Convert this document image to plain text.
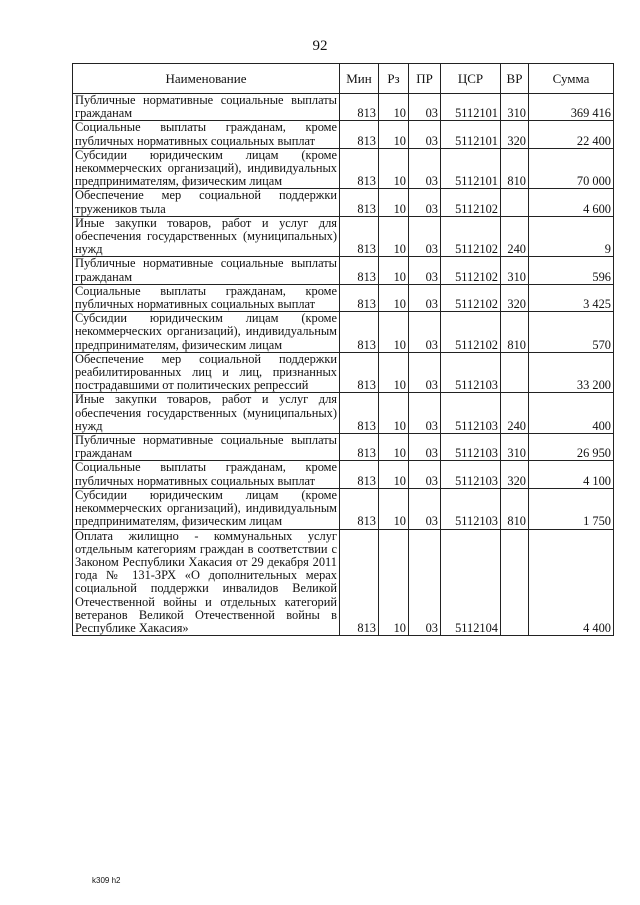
92
Наименование	Мин	Рз	ПР	ЦСР	ВР	Сумма
Публичные нормативные социальные выплаты гражданам	813	10	03	5112101	310	369 416
Социальные выплаты гражданам, кроме публичных нормативных социальных выплат	813	10	03	5112101	320	22 400
Субсидии юридическим лицам (кроме некоммерческих организаций), индивидуальных предпринимателям, физическим лицам	813	10	03	5112101	810	70 000
Обеспечение мер социальной поддержки тружеников тыла	813	10	03	5112102		4 600
Иные закупки товаров, работ и услуг для обеспечения государственных (муниципальных) нужд	813	10	03	5112102	240	9
Публичные нормативные социальные выплаты гражданам	813	10	03	5112102	310	596
Социальные выплаты гражданам, кроме публичных нормативных социальных выплат	813	10	03	5112102	320	3 425
Субсидии юридическим лицам (кроме некоммерческих организаций), индивидуальным предпринимателям, физическим лицам	813	10	03	5112102	810	570
Обеспечение мер социальной поддержки реабилитированных лиц и лиц, признанных пострадавшими от политических репрессий	813	10	03	5112103		33 200
Иные закупки товаров, работ и услуг для обеспечения государственных (муниципальных) нужд	813	10	03	5112103	240	400
Публичные нормативные социальные выплаты гражданам	813	10	03	5112103	310	26 950
Социальные выплаты гражданам, кроме публичных нормативных социальных выплат	813	10	03	5112103	320	4 100
Субсидии юридическим лицам (кроме некоммерческих организаций), индивидуальным предпринимателям, физическим лицам	813	10	03	5112103	810	1 750
Оплата жилищно - коммунальных услуг отдельным категориям граждан в соответствии с Законом Республики Хакасия от 29 декабря 2011 года № 131-ЗРХ «О дополнительных мерах социальной поддержки инвалидов Великой Отечественной войны и отдельных категорий ветеранов Великой Отечественной войны в Республике Хакасия»	813	10	03	5112104		4 400
k309 h2
